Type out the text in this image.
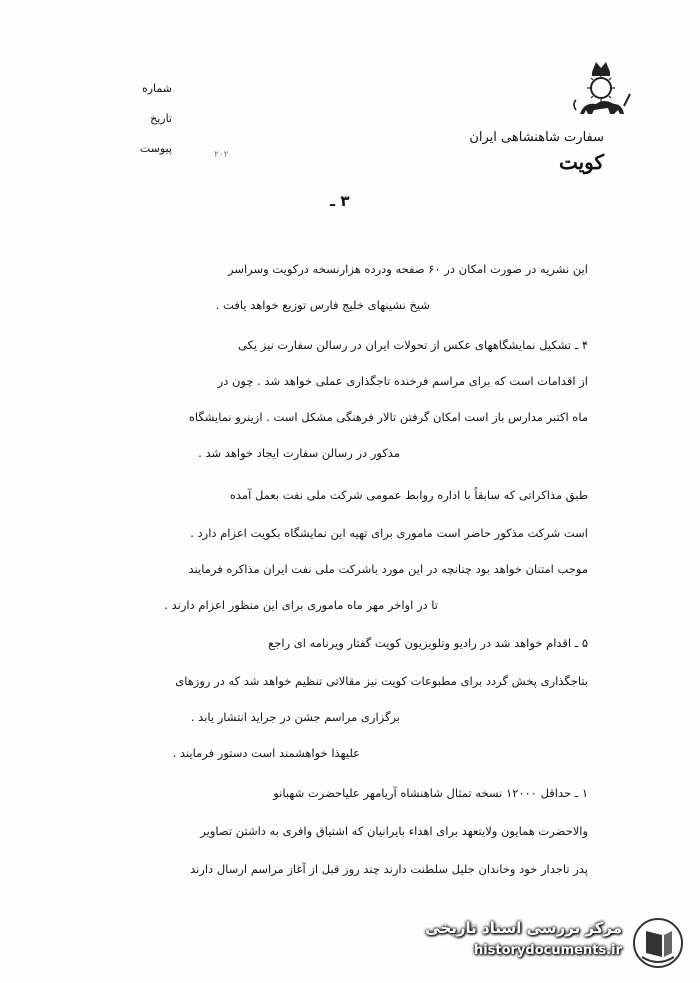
سفارت شاهنشاهی ایران
کویت
شماره
تاریخ
پیوست	۲۰۲
۳ ـ
این نشریه در صورت امکان در ۶۰ صفحه ودرده هزارنسخه درکویت وسراسر
شیخ نشینهای خلیج فارس توزیع خواهد یافت .
۴ ـ تشکیل نمایشگاههای عکس از تحولات ایران در رسالن سفارت نیز یکی
از اقدامات است که برای مراسم فرخنده تاجگذاری عملی خواهد شد . چون در
ماه اکتبر مدارس باز است امکان گرفتن تالار فرهنگی مشکل است . ازینرو نمایشگاه
مذکور در رسالن سفارت ایجاد خواهد شد .
طبق مذاکراتی که سابقاً با اداره روابط عمومی شرکت ملی نفت بعمل آمده
است شرکت مذکور حاضر است ماموری برای تهیه این نمایشگاه بکویت اعزام دارد .
موجب امتنان خواهد بود چنانچه در این مورد باشرکت ملی نفت ایران مذاکره فرمایند
تا در اواخر مهر ماه ماموری برای این منظور اعزام دارند .
۵ ـ اقدام خواهد شد در رادیو وتلویزیون کویت گفتار ویرنامه ای راجع
بتاجگذاری پخش گردد برای مطبوعات کویت نیز مقالاتی تنظیم خواهد شد که در روزهای
برگزاری مراسم جشن در جراید انتشار یابد .
علیهذا خواهشمند است دستور فرمایند .
۱ ـ حداقل ۱۲۰۰۰ نسخه تمثال شاهنشاه آریامهر علیاحضرت شهبانو
والاحضرت همایون ولایتعهد برای اهداء بایرانیان که اشتیاق وافری به داشتن تصاویر
پدر تاجدار خود وخاندان جلیل سلطنت دارند چند روز قبل از آغاز مراسم ارسال دارند
مرکز بررسی اسناد تاریخی
historydocuments.ir
